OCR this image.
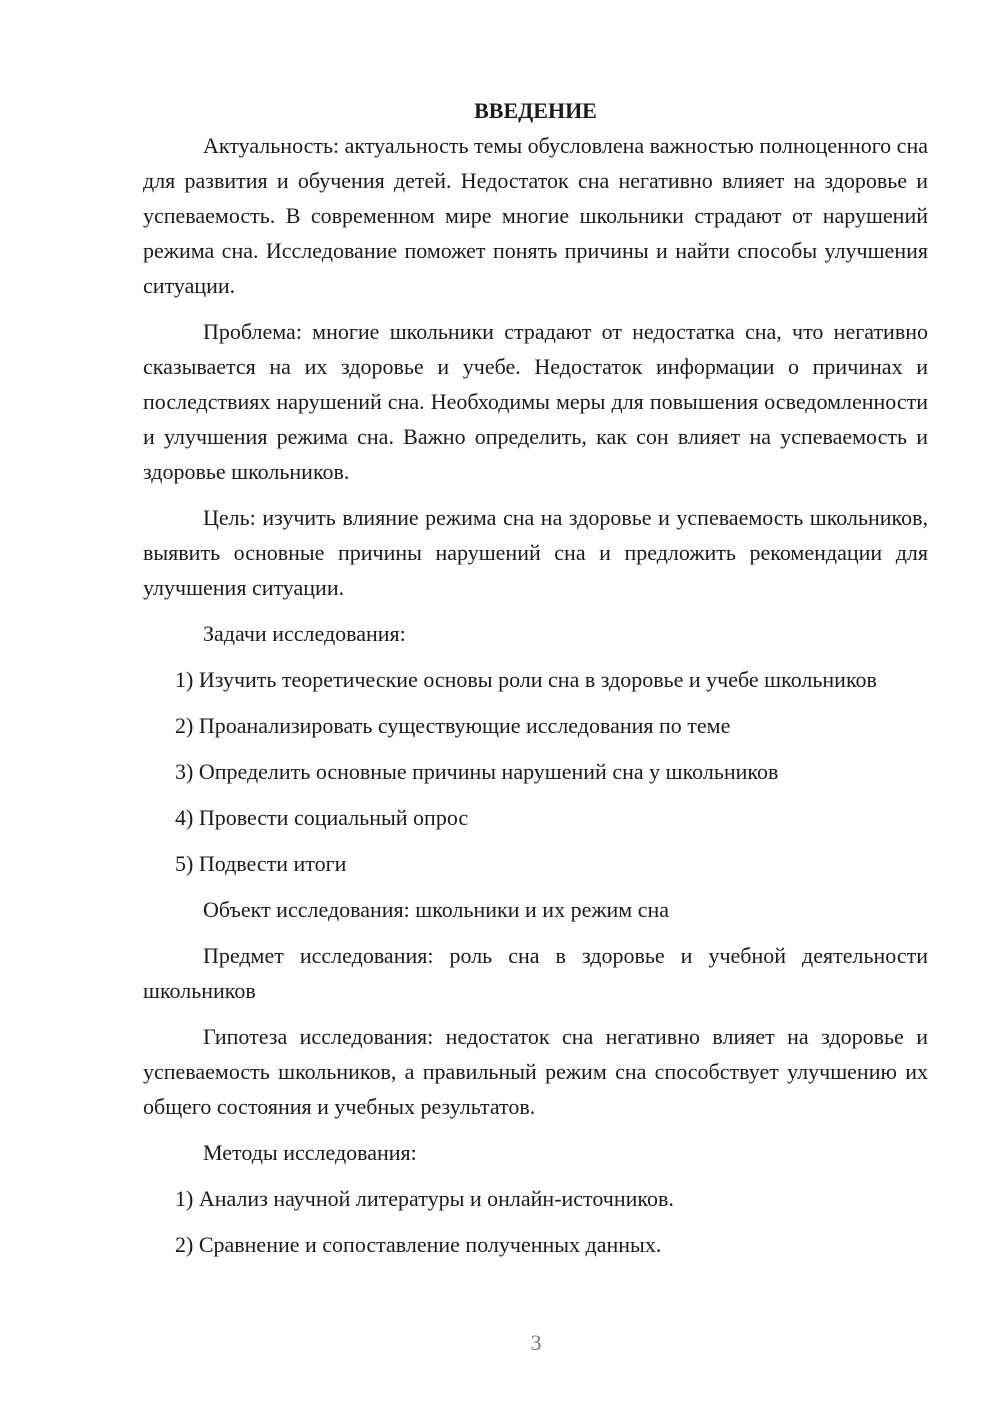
ВВЕДЕНИЕ

Актуальность: актуальность темы обусловлена важностью полноценного сна для развития и обучения детей. Недостаток сна негативно влияет на здоровье и успеваемость. В современном мире многие школьники страдают от нарушений режима сна. Исследование поможет понять причины и найти способы улучшения ситуации.

Проблема: многие школьники страдают от недостатка сна, что негативно сказывается на их здоровье и учебе. Недостаток информации о причинах и последствиях нарушений сна. Необходимы меры для повышения осведомленности и улучшения режима сна. Важно определить, как сон влияет на успеваемость и здоровье школьников.

Цель: изучить влияние режима сна на здоровье и успеваемость школьников, выявить основные причины нарушений сна и предложить рекомендации для улучшения ситуации.

Задачи исследования:

1) Изучить теоретические основы роли сна в здоровье и учебе школьников

2) Проанализировать существующие исследования по теме

3) Определить основные причины нарушений сна у школьников

4) Провести социальный опрос

5) Подвести итоги

Объект исследования: школьники и их режим сна

Предмет исследования: роль сна в здоровье и учебной деятельности школьников

Гипотеза исследования: недостаток сна негативно влияет на здоровье и успеваемость школьников, а правильный режим сна способствует улучшению их общего состояния и учебных результатов.

Методы исследования:

1) Анализ научной литературы и онлайн-источников.

2) Сравнение и сопоставление полученных данных.

3
